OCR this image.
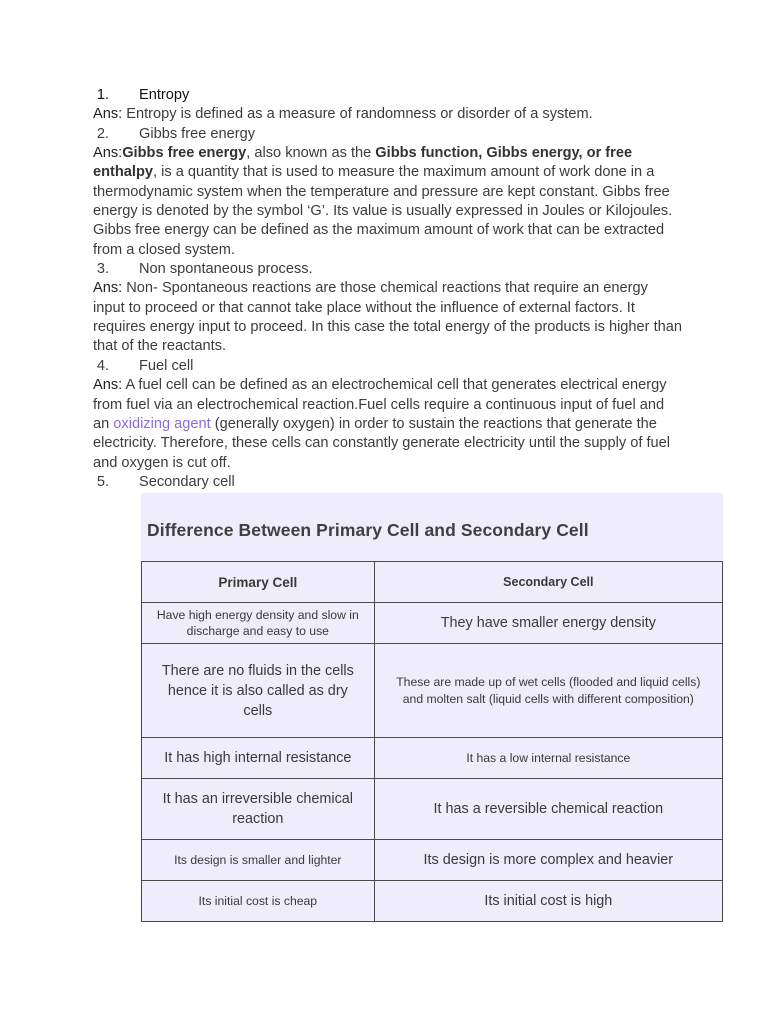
1. Entropy
Ans: Entropy is defined as a measure of randomness or disorder of a system.
2. Gibbs free energy
Ans:Gibbs free energy, also known as the Gibbs function, Gibbs energy, or free enthalpy, is a quantity that is used to measure the maximum amount of work done in a thermodynamic system when the temperature and pressure are kept constant. Gibbs free energy is denoted by the symbol ‘G’. Its value is usually expressed in Joules or Kilojoules. Gibbs free energy can be defined as the maximum amount of work that can be extracted from a closed system.
3. Non spontaneous process.
Ans: Non- Spontaneous reactions are those chemical reactions that require an energy input to proceed or that cannot take place without the influence of external factors. It requires energy input to proceed. In this case the total energy of the products is higher than that of the reactants.
4. Fuel cell
Ans: A fuel cell can be defined as an electrochemical cell that generates electrical energy from fuel via an electrochemical reaction.Fuel cells require a continuous input of fuel and an oxidizing agent (generally oxygen) in order to sustain the reactions that generate the electricity. Therefore, these cells can constantly generate electricity until the supply of fuel and oxygen is cut off.
5. Secondary cell
Difference Between Primary Cell and Secondary Cell
Primary Cell	Secondary Cell
Have high energy density and slow in discharge and easy to use	They have smaller energy density
There are no fluids in the cells hence it is also called as dry cells	These are made up of wet cells (flooded and liquid cells) and molten salt (liquid cells with different composition)
It has high internal resistance	It has a low internal resistance
It has an irreversible chemical reaction	It has a reversible chemical reaction
Its design is smaller and lighter	Its design is more complex and heavier
Its initial cost is cheap	Its initial cost is high
